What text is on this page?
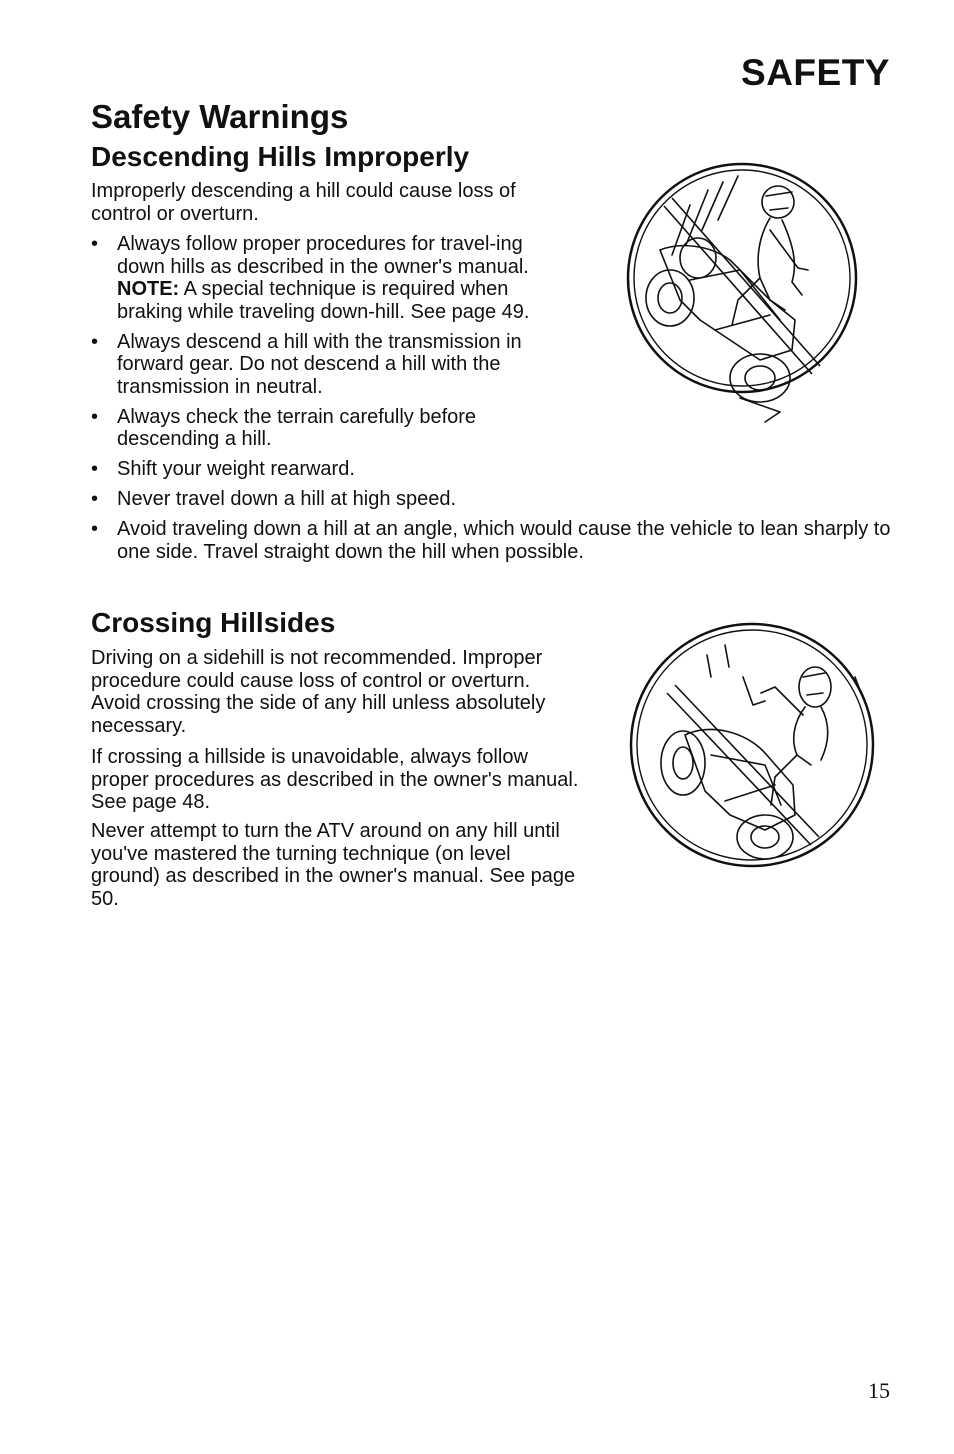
SAFETY
Safety Warnings
Descending Hills Improperly

Improperly descending a hill could cause loss of control or overturn.

• Always follow proper procedures for travel-ing down hills as described in the owner's manual. NOTE: A special technique is required when braking while traveling down-hill. See page 49.
• Always descend a hill with the transmission in forward gear. Do not descend a hill with the transmission in neutral.
• Always check the terrain carefully before descending a hill.
• Shift your weight rearward.
• Never travel down a hill at high speed.
• Avoid traveling down a hill at an angle, which would cause the vehicle to lean sharply to one side. Travel straight down the hill when possible.
Crossing Hillsides

Driving on a sidehill is not recommended. Improper procedure could cause loss of control or overturn. Avoid crossing the side of any hill unless absolutely necessary.

If crossing a hillside is unavoidable, always follow proper procedures as described in the owner's manual. See page 48.

Never attempt to turn the ATV around on any hill until you've mastered the turning technique (on level ground) as described in the owner's manual. See page 50.

15
